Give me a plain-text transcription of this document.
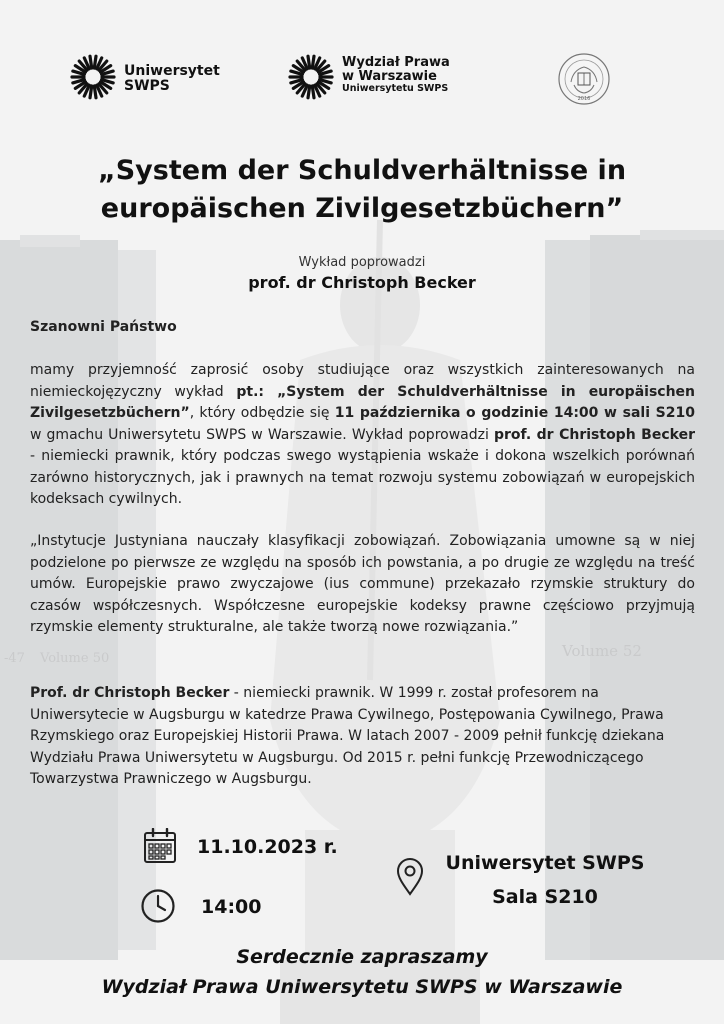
-47 Volume 50	Volume 52
Uniwersytet
SWPS
Wydział Prawa
w Warszawie
Uniwersytetu SWPS
2016
„System der Schuldverhältnisse in
europäischen Zivilgesetzbüchern”
Wykład poprowadzi
prof. dr Christoph Becker
Szanowni Państwo
mamy przyjemność zaprosić osoby studiujące oraz wszystkich zainteresowanych na niemieckojęzyczny wykład pt.: „System der Schuldverhältnisse in europäischen Zivilgesetzbüchern”, który odbędzie się 11 października o godzinie 14:00 w sali S210 w gmachu Uniwersytetu SWPS w Warszawie. Wykład poprowadzi prof. dr Christoph Becker - niemiecki prawnik, który podczas swego wystąpienia wskaże i dokona wszelkich porównań zarówno historycznych, jak i prawnych na temat rozwoju systemu zobowiązań w europejskich kodeksach cywilnych.
„Instytucje Justyniana nauczały klasyfikacji zobowiązań. Zobowiązania umowne są w niej podzielone po pierwsze ze względu na sposób ich powstania, a po drugie ze względu na treść umów. Europejskie prawo zwyczajowe (ius commune) przekazało rzymskie struktury do czasów współczesnych. Współczesne europejskie kodeksy prawne częściowo przyjmują rzymskie elementy strukturalne, ale także tworzą nowe rozwiązania.”
Prof. dr Christoph Becker - niemiecki prawnik. W 1999 r. został profesorem na Uniwersytecie w Augsburgu w katedrze Prawa Cywilnego, Postępowania Cywilnego, Prawa Rzymskiego oraz Europejskiej Historii Prawa. W latach 2007 - 2009 pełnił funkcję dziekana Wydziału Prawa Uniwersytetu w Augsburgu. Od 2015 r. pełni funkcję Przewodniczącego Towarzystwa Prawniczego w Augsburgu.
11.10.2023 r.
14:00
Uniwersytet SWPS
Sala S210
Serdecznie zapraszamy
Wydział Prawa Uniwersytetu SWPS w Warszawie
